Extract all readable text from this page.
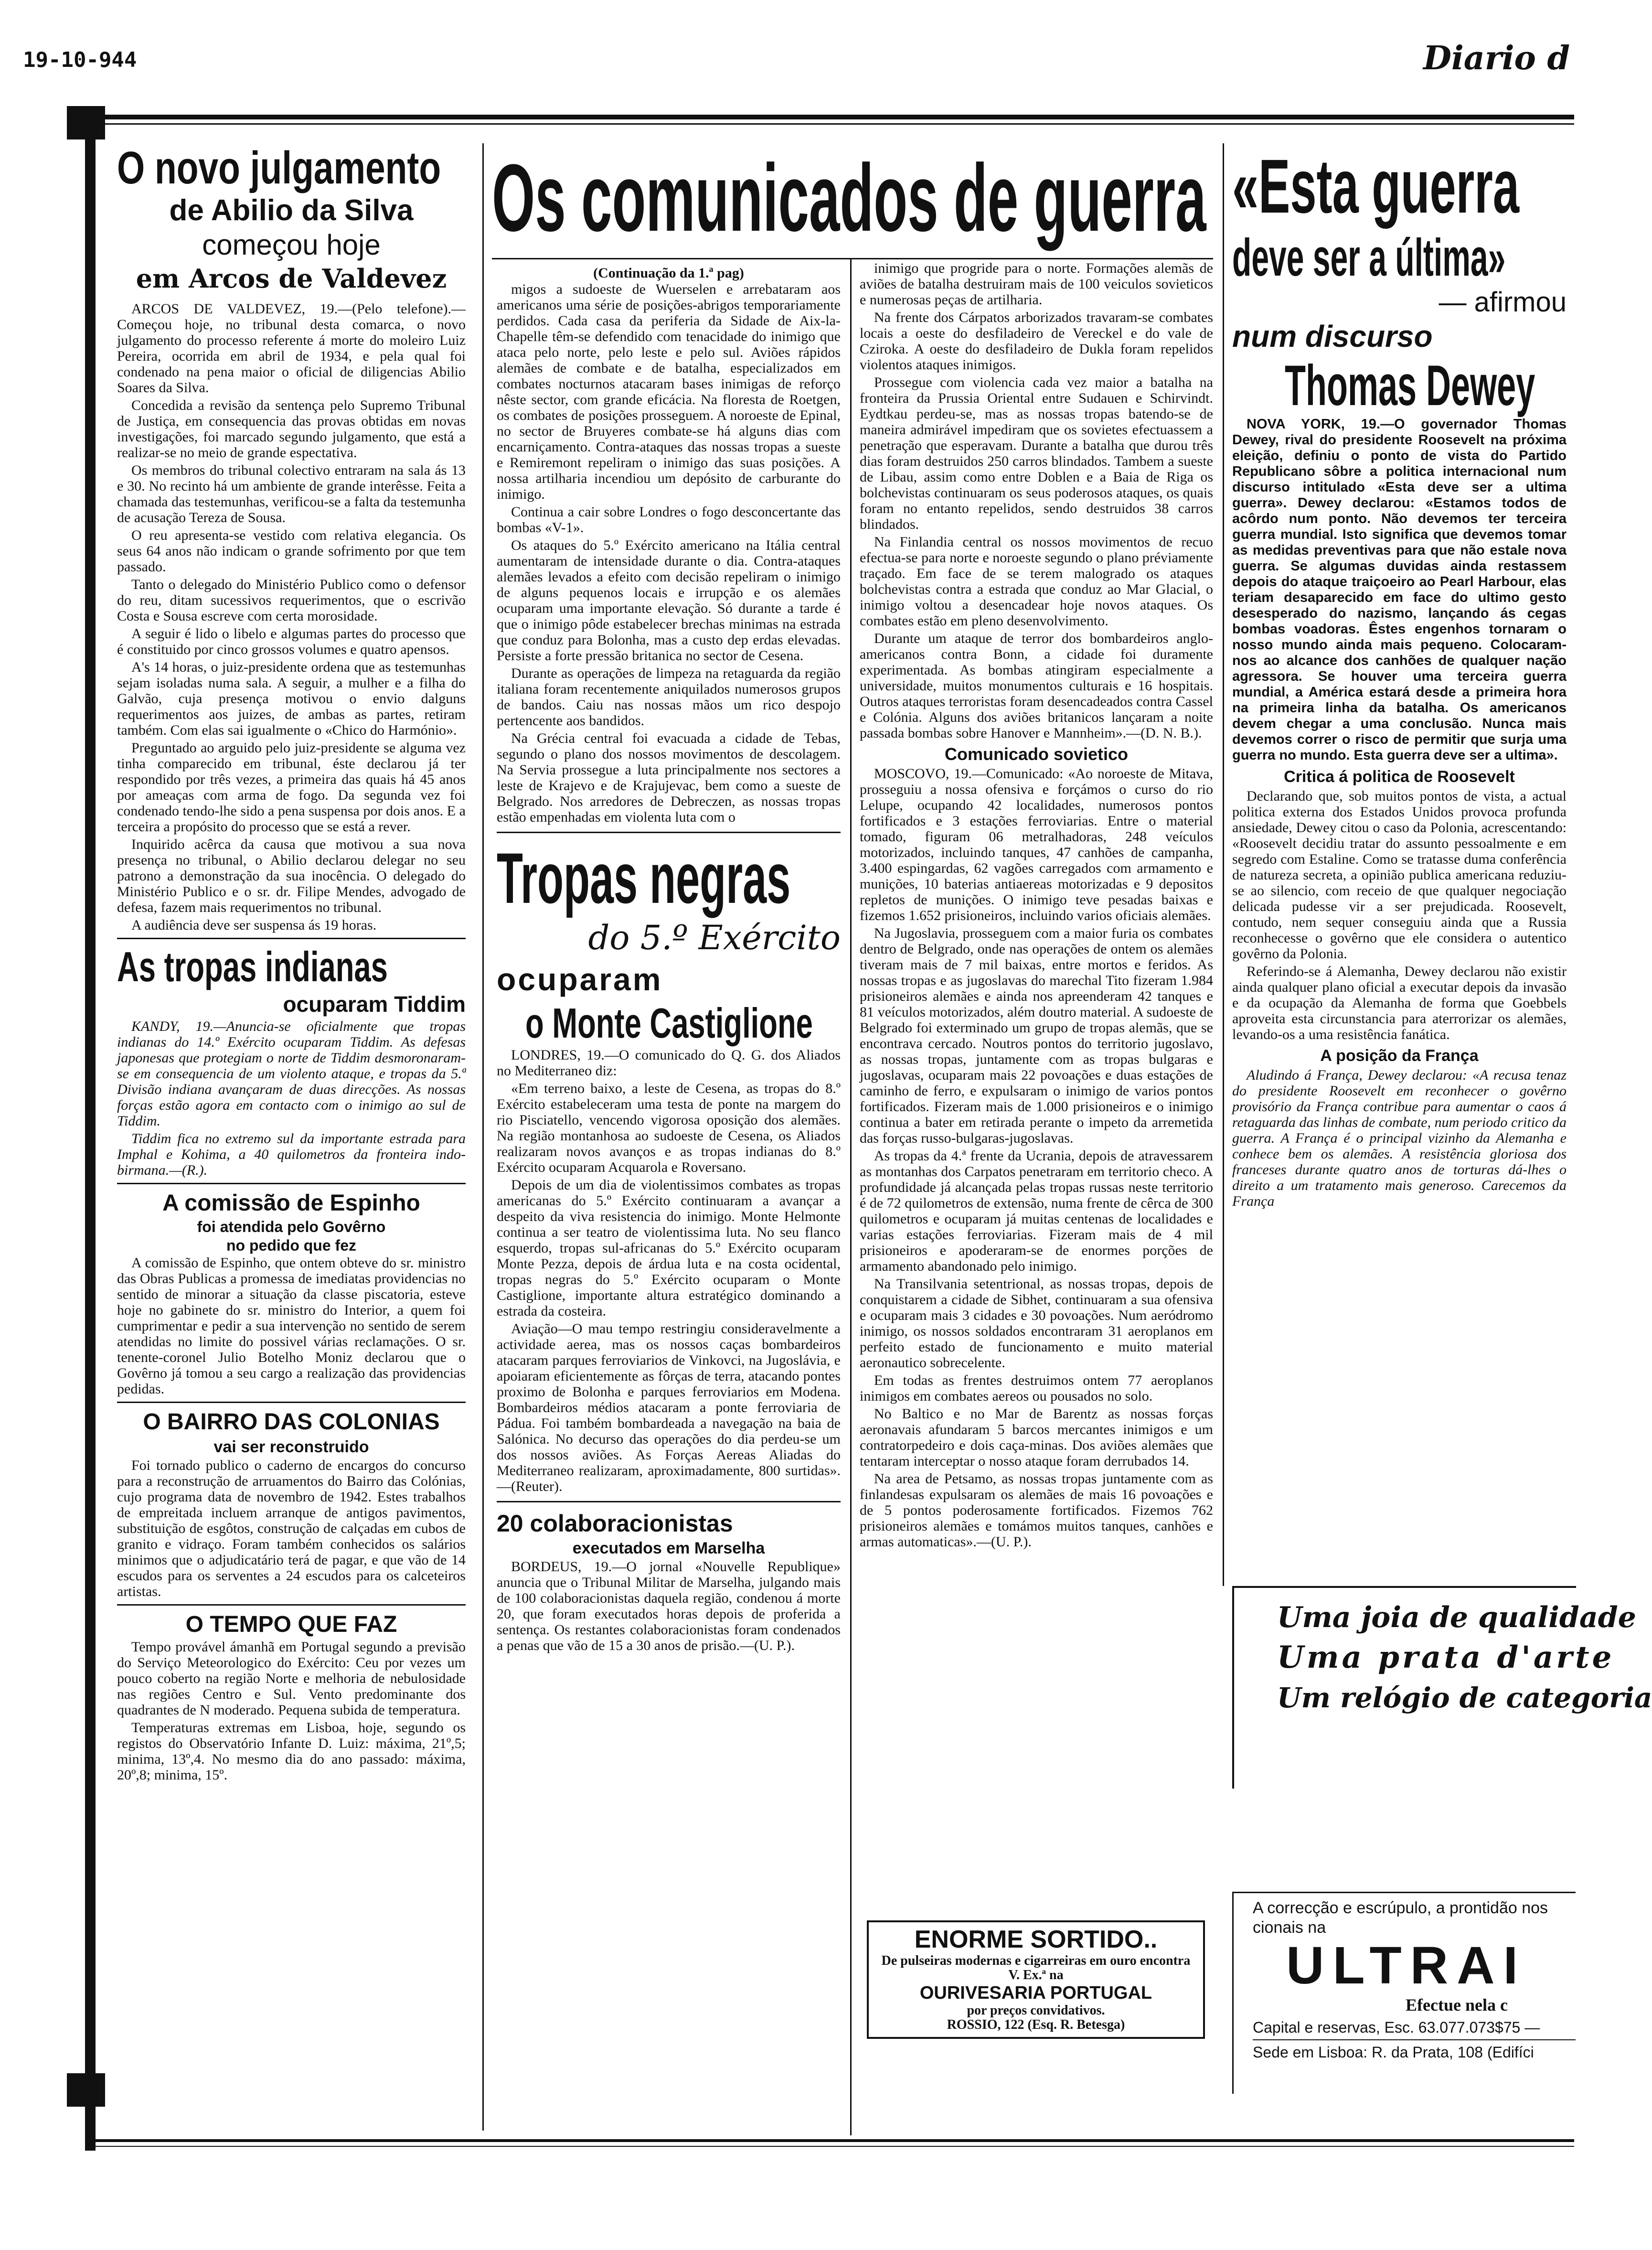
19-10-944	Diario d
O novo julgamento
de Abilio da Silva
começou hoje
em Arcos de Valdevez

ARCOS DE VALDEVEZ, 19.—(Pelo telefone).—Começou hoje, no tribunal desta comarca, o novo julgamento do processo referente á morte do moleiro Luiz Pereira, ocorrida em abril de 1934, e pela qual foi condenado na pena maior o oficial de diligencias Abilio Soares da Silva.

Concedida a revisão da sentença pelo Supremo Tribunal de Justiça, em consequencia das provas obtidas em novas investigações, foi marcado segundo julgamento, que está a realizar-se no meio de grande espectativa.

Os membros do tribunal colectivo entraram na sala ás 13 e 30. No recinto há um ambiente de grande interêsse. Feita a chamada das testemunhas, verificou-se a falta da testemunha de acusação Tereza de Sousa.

O reu apresenta-se vestido com relativa elegancia. Os seus 64 anos não indicam o grande sofrimento por que tem passado.

Tanto o delegado do Ministério Publico como o defensor do reu, ditam sucessivos requerimentos, que o escrivão Costa e Sousa escreve com certa morosidade.

A seguir é lido o libelo e algumas partes do processo que é constituido por cinco grossos volumes e quatro apensos.

A's 14 horas, o juiz-presidente ordena que as testemunhas sejam isoladas numa sala. A seguir, a mulher e a filha do Galvão, cuja presença motivou o envio dalguns requerimentos aos juizes, de ambas as partes, retiram também. Com elas sai igualmente o «Chico do Harmónio».

Preguntado ao arguido pelo juiz-presidente se alguma vez tinha comparecido em tribunal, éste declarou já ter respondido por três vezes, a primeira das quais há 45 anos por ameaças com arma de fogo. Da segunda vez foi condenado tendo-lhe sido a pena suspensa por dois anos. E a terceira a propósito do processo que se está a rever.

Inquirido acêrca da causa que motivou a sua nova presença no tribunal, o Abilio declarou delegar no seu patrono a demonstração da sua inocência. O delegado do Ministério Publico e o sr. dr. Filipe Mendes, advogado de defesa, fazem mais requerimentos no tribunal.

A audiência deve ser suspensa ás 19 horas.

As tropas indianas
ocuparam Tiddim

KANDY, 19.—Anuncia-se oficialmente que tropas indianas do 14.º Exército ocuparam Tiddim. As defesas japonesas que protegiam o norte de Tiddim desmoronaram-se em consequencia de um violento ataque, e tropas da 5.ª Divisão indiana avançaram de duas direcções. As nossas forças estão agora em contacto com o inimigo ao sul de Tiddim.

Tiddim fica no extremo sul da importante estrada para Imphal e Kohima, a 40 quilometros da fronteira indo-birmana.—(R.).

A comissão de Espinho
foi atendida pelo Govêrno
no pedido que fez

A comissão de Espinho, que ontem obteve do sr. ministro das Obras Publicas a promessa de imediatas providencias no sentido de minorar a situação da classe piscatoria, esteve hoje no gabinete do sr. ministro do Interior, a quem foi cumprimentar e pedir a sua intervenção no sentido de serem atendidas no limite do possivel várias reclamações. O sr. tenente-coronel Julio Botelho Moniz declarou que o Govêrno já tomou a seu cargo a realização das providencias pedidas.

O BAIRRO DAS COLONIAS
vai ser reconstruido

Foi tornado publico o caderno de encargos do concurso para a reconstrução de arruamentos do Bairro das Colónias, cujo programa data de novembro de 1942. Estes trabalhos de empreitada incluem arranque de antigos pavimentos, substituição de esgôtos, construção de calçadas em cubos de granito e vidraço. Foram também conhecidos os salários minimos que o adjudicatário terá de pagar, e que vão de 14 escudos para os serventes a 24 escudos para os calceteiros artistas.

O TEMPO QUE FAZ

Tempo provável ámanhã em Portugal segundo a previsão do Serviço Meteorologico do Exército: Ceu por vezes um pouco coberto na região Norte e melhoria de nebulosidade nas regiões Centro e Sul. Vento predominante dos quadrantes de N moderado. Pequena subida de temperatura.

Temperaturas extremas em Lisboa, hoje, segundo os registos do Observatório Infante D. Luiz: máxima, 21º,5; minima, 13º,4. No mesmo dia do ano passado: máxima, 20º,8; minima, 15º.

Os comunicados de guerra
(Continuação da 1.ª pag)

migos a sudoeste de Wuerselen e arrebataram aos americanos uma série de posições-abrigos temporariamente perdidos. Cada casa da periferia da Sidade de Aix-la-Chapelle têm-se defendido com tenacidade do inimigo que ataca pelo norte, pelo leste e pelo sul. Aviões rápidos alemães de combate e de batalha, especializados em combates nocturnos atacaram bases inimigas de reforço nêste sector, com grande eficácia. Na floresta de Roetgen, os combates de posições prosseguem. A noroeste de Epinal, no sector de Bruyeres combate-se há alguns dias com encarniçamento. Contra-ataques das nossas tropas a sueste e Remiremont repeliram o inimigo das suas posições. A nossa artilharia incendiou um depósito de carburante do inimigo.

Continua a cair sobre Londres o fogo desconcertante das bombas «V-1».

Os ataques do 5.º Exército americano na Itália central aumentaram de intensidade durante o dia. Contra-ataques alemães levados a efeito com decisão repeliram o inimigo de alguns pequenos locais e irrupção e os alemães ocuparam uma importante elevação. Só durante a tarde é que o inimigo pôde estabelecer brechas minimas na estrada que conduz para Bolonha, mas a custo dep erdas elevadas. Persiste a forte pressão britanica no sector de Cesena.

Durante as operações de limpeza na retaguarda da região italiana foram recentemente aniquilados numerosos grupos de bandos. Caiu nas nossas mãos um rico despojo pertencente aos bandidos.

Na Grécia central foi evacuada a cidade de Tebas, segundo o plano dos nossos movimentos de descolagem. Na Servia prossegue a luta principalmente nos sectores a leste de Krajevo e de Krajujevac, bem como a sueste de Belgrado. Nos arredores de Debreczen, as nossas tropas estão empenhadas em violenta luta com o

Tropas negras
do 5.º Exército
ocuparam
o Monte Castiglione

LONDRES, 19.—O comunicado do Q. G. dos Aliados no Mediterraneo diz:

«Em terreno baixo, a leste de Cesena, as tropas do 8.º Exército estabeleceram uma testa de ponte na margem do rio Pisciatello, vencendo vigorosa oposição dos alemães. Na região montanhosa ao sudoeste de Cesena, os Aliados realizaram novos avanços e as tropas indianas do 8.º Exército ocuparam Acquarola e Roversano.

Depois de um dia de violentissimos combates as tropas americanas do 5.º Exército continuaram a avançar a despeito da viva resistencia do inimigo. Monte Helmonte continua a ser teatro de violentissima luta. No seu flanco esquerdo, tropas sul-africanas do 5.º Exército ocuparam Monte Pezza, depois de árdua luta e na costa ocidental, tropas negras do 5.º Exército ocuparam o Monte Castiglione, importante altura estratégico dominando a estrada da costeira.

Aviação—O mau tempo restringiu consideravelmente a actividade aerea, mas os nossos caças bombardeiros atacaram parques ferroviarios de Vinkovci, na Jugoslávia, e apoiaram eficientemente as fôrças de terra, atacando pontes proximo de Bolonha e parques ferroviarios em Modena. Bombardeiros médios atacaram a ponte ferroviaria de Pádua. Foi também bombardeada a navegação na baia de Salónica. No decurso das operações do dia perdeu-se um dos nossos aviões. As Forças Aereas Aliadas do Mediterraneo realizaram, aproximadamente, 800 surtidas».—(Reuter).

20 colaboracionistas
executados em Marselha

BORDEUS, 19.—O jornal «Nouvelle Republique» anuncia que o Tribunal Militar de Marselha, julgando mais de 100 colaboracionistas daquela região, condenou á morte 20, que foram executados horas depois de proferida a sentença. Os restantes colaboracionistas foram condenados a penas que vão de 15 a 30 anos de prisão.—(U. P.).

inimigo que progride para o norte. Formações alemãs de aviões de batalha destruiram mais de 100 veiculos sovieticos e numerosas peças de artilharia.

Na frente dos Cárpatos arborizados travaram-se combates locais a oeste do desfiladeiro de Vereckel e do vale de Cziroka. A oeste do desfiladeiro de Dukla foram repelidos violentos ataques inimigos.

Prossegue com violencia cada vez maior a batalha na fronteira da Prussia Oriental entre Sudauen e Schirvindt. Eydtkau perdeu-se, mas as nossas tropas batendo-se de maneira admirável impediram que os sovietes efectuassem a penetração que esperavam. Durante a batalha que durou três dias foram destruidos 250 carros blindados. Tambem a sueste de Libau, assim como entre Doblen e a Baia de Riga os bolchevistas continuaram os seus poderosos ataques, os quais foram no entanto repelidos, sendo destruidos 38 carros blindados.

Na Finlandia central os nossos movimentos de recuo efectua-se para norte e noroeste segundo o plano préviamente traçado. Em face de se terem malogrado os ataques bolchevistas contra a estrada que conduz ao Mar Glacial, o inimigo voltou a desencadear hoje novos ataques. Os combates estão em pleno desenvolvimento.

Durante um ataque de terror dos bombardeiros anglo-americanos contra Bonn, a cidade foi duramente experimentada. As bombas atingiram especialmente a universidade, muitos monumentos culturais e 16 hospitais. Outros ataques terroristas foram desencadeados contra Cassel e Colónia. Alguns dos aviões britanicos lançaram a noite passada bombas sobre Hanover e Mannheim».—(D. N. B.).

Comunicado sovietico

MOSCOVO, 19.—Comunicado: «Ao noroeste de Mitava, prosseguiu a nossa ofensiva e forçámos o curso do rio Lelupe, ocupando 42 localidades, numerosos pontos fortificados e 3 estações ferroviarias. Entre o material tomado, figuram 06 metralhadoras, 248 veículos motorizados, incluindo tanques, 47 canhões de campanha, 3.400 espingardas, 62 vagões carregados com armamento e munições, 10 baterias antiaereas motorizadas e 9 depositos repletos de munições. O inimigo teve pesadas baixas e fizemos 1.652 prisioneiros, incluindo varios oficiais alemães.

Na Jugoslavia, prosseguem com a maior furia os combates dentro de Belgrado, onde nas operações de ontem os alemães tiveram mais de 7 mil baixas, entre mortos e feridos. As nossas tropas e as jugoslavas do marechal Tito fizeram 1.984 prisioneiros alemães e ainda nos apreenderam 42 tanques e 81 veículos motorizados, além doutro material. A sudoeste de Belgrado foi exterminado um grupo de tropas alemãs, que se encontrava cercado. Noutros pontos do territorio jugoslavo, as nossas tropas, juntamente com as tropas bulgaras e jugoslavas, ocuparam mais 22 povoações e duas estações de caminho de ferro, e expulsaram o inimigo de varios pontos fortificados. Fizeram mais de 1.000 prisioneiros e o inimigo continua a bater em retirada perante o impeto da arremetida das forças russo-bulgaras-jugoslavas.

As tropas da 4.ª frente da Ucrania, depois de atravessarem as montanhas dos Carpatos penetraram em territorio checo. A profundidade já alcançada pelas tropas russas neste territorio é de 72 quilometros de extensão, numa frente de cêrca de 300 quilometros e ocuparam já muitas centenas de localidades e varias estações ferroviarias. Fizeram mais de 4 mil prisioneiros e apoderaram-se de enormes porções de armamento abandonado pelo inimigo.

Na Transilvania setentrional, as nossas tropas, depois de conquistarem a cidade de Sibhet, continuaram a sua ofensiva e ocuparam mais 3 cidades e 30 povoações. Num aeródromo inimigo, os nossos soldados encontraram 31 aeroplanos em perfeito estado de funcionamento e muito material aeronautico sobrecelente.

Em todas as frentes destruimos ontem 77 aeroplanos inimigos em combates aereos ou pousados no solo.

No Baltico e no Mar de Barentz as nossas forças aeronavais afundaram 5 barcos mercantes inimigos e um contratorpedeiro e dois caça-minas. Dos aviões alemães que tentaram interceptar o nosso ataque foram derrubados 14.

Na area de Petsamo, as nossas tropas juntamente com as finlandesas expulsaram os alemães de mais 16 povoações e de 5 pontos poderosamente fortificados. Fizemos 762 prisioneiros alemães e tomámos muitos tanques, canhões e armas automaticas».—(U. P.).

ENORME SORTIDO..
De pulseiras modernas e cigarreiras em ouro encontra V. Ex.ª na
OURIVESARIA PORTUGAL
por preços convidativos.
ROSSIO, 122 (Esq. R. Betesga)
«Esta guerra
deve ser a última»
— afirmou
num discurso
Thomas Dewey

NOVA YORK, 19.—O governador Thomas Dewey, rival do presidente Roosevelt na próxima eleição, definiu o ponto de vista do Partido Republicano sôbre a politica internacional num discurso intitulado «Esta deve ser a ultima guerra». Dewey declarou: «Estamos todos de acôrdo num ponto. Não devemos ter terceira guerra mundial. Isto significa que devemos tomar as medidas preventivas para que não estale nova guerra. Se algumas duvidas ainda restassem depois do ataque traiçoeiro ao Pearl Harbour, elas teriam desaparecido em face do ultimo gesto desesperado do nazismo, lançando ás cegas bombas voadoras. Êstes engenhos tornaram o nosso mundo ainda mais pequeno. Colocaram-nos ao alcance dos canhões de qualquer nação agressora. Se houver uma terceira guerra mundial, a América estará desde a primeira hora na primeira linha da batalha. Os americanos devem chegar a uma conclusão. Nunca mais devemos correr o risco de permitir que surja uma guerra no mundo. Esta guerra deve ser a ultima».

Critica á politica de Roosevelt

Declarando que, sob muitos pontos de vista, a actual politica externa dos Estados Unidos provoca profunda ansiedade, Dewey citou o caso da Polonia, acrescentando: «Roosevelt decidiu tratar do assunto pessoalmente e em segredo com Estaline. Como se tratasse duma conferência de natureza secreta, a opinião publica americana reduziu-se ao silencio, com receio de que qualquer negociação delicada pudesse vir a ser prejudicada. Roosevelt, contudo, nem sequer conseguiu ainda que a Russia reconhecesse o govêrno que ele considera o autentico govêrno da Polonia.

Referindo-se á Alemanha, Dewey declarou não existir ainda qualquer plano oficial a executar depois da invasão e da ocupação da Alemanha de forma que Goebbels aproveita esta circunstancia para aterrorizar os alemães, levando-os a uma resistência fanática.

A posição da França

Aludindo á França, Dewey declarou: «A recusa tenaz do presidente Roosevelt em reconhecer o govêrno provisório da França contribue para aumentar o caos á retaguarda das linhas de combate, num periodo critico da guerra. A França é o principal vizinho da Alemanha e conhece bem os alemães. A resistência gloriosa dos franceses durante quatro anos de torturas dá-lhes o direito a um tratamento mais generoso. Carecemos da França

Uma joia de qualidade
Uma prata d'arte
Um relógio de categoria
A correcção e escrúpulo, a prontidão nos
cionais na
ULTRAI
Efectue nela c
Capital e reservas, Esc. 63.077.073$75 —
Sede em Lisboa: R. da Prata, 108 (Edifíci
